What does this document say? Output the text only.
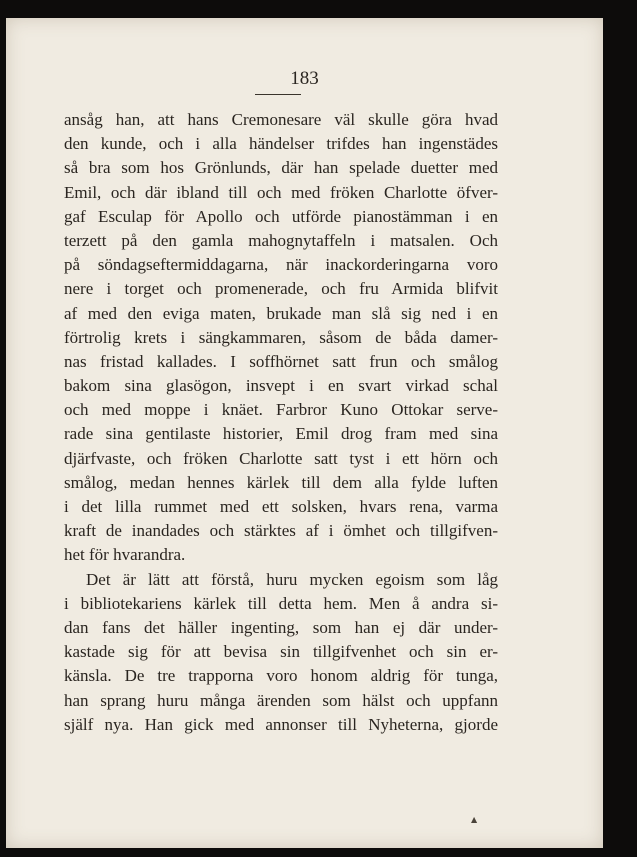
183
ansåg han, att hans Cremonesare väl skulle göra hvad
den kunde, och i alla händelser trifdes han ingenstädes
så bra som hos Grönlunds, där han spelade duetter med
Emil, och där ibland till och med fröken Charlotte öfver-
gaf Esculap för Apollo och utförde pianostämman i en
terzett på den gamla mahognytaffeln i matsalen. Och
på söndagseftermiddagarna, när inackorderingarna voro
nere i torget och promenerade, och fru Armida blifvit
af med den eviga maten, brukade man slå sig ned i en
förtrolig krets i sängkammaren, såsom de båda damer-
nas fristad kallades. I soffhörnet satt frun och smålog
bakom sina glasögon, insvept i en svart virkad schal
och med moppe i knäet. Farbror Kuno Ottokar serve-
rade sina gentilaste historier, Emil drog fram med sina
djärfvaste, och fröken Charlotte satt tyst i ett hörn och
smålog, medan hennes kärlek till dem alla fylde luften
i det lilla rummet med ett solsken, hvars rena, varma
kraft de inandades och stärktes af i ömhet och tillgifven-
het för hvarandra.
Det är lätt att förstå, huru mycken egoism som låg
i bibliotekariens kärlek till detta hem. Men å andra si-
dan fans det häller ingenting, som han ej där under-
kastade sig för att bevisa sin tillgifvenhet och sin er-
känsla. De tre trapporna voro honom aldrig för tunga,
han sprang huru många ärenden som hälst och uppfann
själf nya. Han gick med annonser till Nyheterna, gjorde
▲
